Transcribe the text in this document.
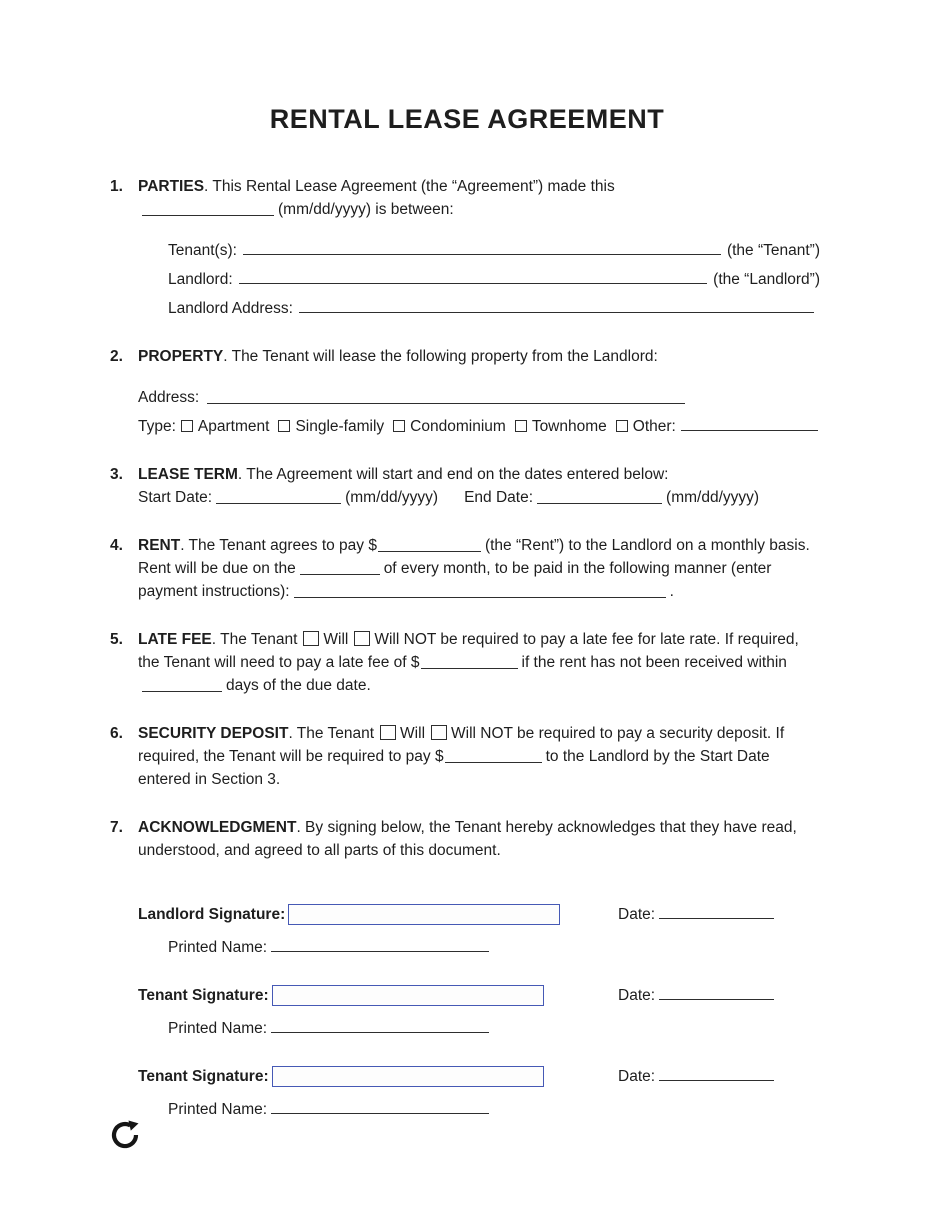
RENTAL LEASE AGREEMENT
1. PARTIES. This Rental Lease Agreement (the “Agreement”) made this
(mm/dd/yyyy) is between:

Tenant(s):	(the “Tenant”)
Landlord:	(the “Landlord”)
Landlord Address:
2. PROPERTY. The Tenant will lease the following property from the Landlord:

Address:
Type:	Apartment	Single-family	Condominium	Townhome	Other:
3. LEASE TERM. The Agreement will start and end on the dates entered below:
Start Date:	(mm/dd/yyyy) End Date:	(mm/dd/yyyy)

4. RENT. The Tenant agrees to pay $	(the “Rent”) to the Landlord on a monthly basis. Rent will be due on the	of every month, to be paid in the following manner (enter payment instructions):	.

5. LATE FEE. The Tenant Will Will NOT be required to pay a late fee for late rate. If required, the Tenant will need to pay a late fee of $	if the rent has not been received withindays of the due date.

6. SECURITY DEPOSIT. The Tenant Will Will NOT be required to pay a security deposit. If required, the Tenant will be required to pay $	to the Landlord by the Start Date entered in Section 3.

7. ACKNOWLEDGMENT. By signing below, the Tenant hereby acknowledges that they have read, understood, and agreed to all parts of this document.

Landlord Signature:	Date:
Printed Name:
Tenant Signature:	Date:
Printed Name:
Tenant Signature:	Date:
Printed Name:
